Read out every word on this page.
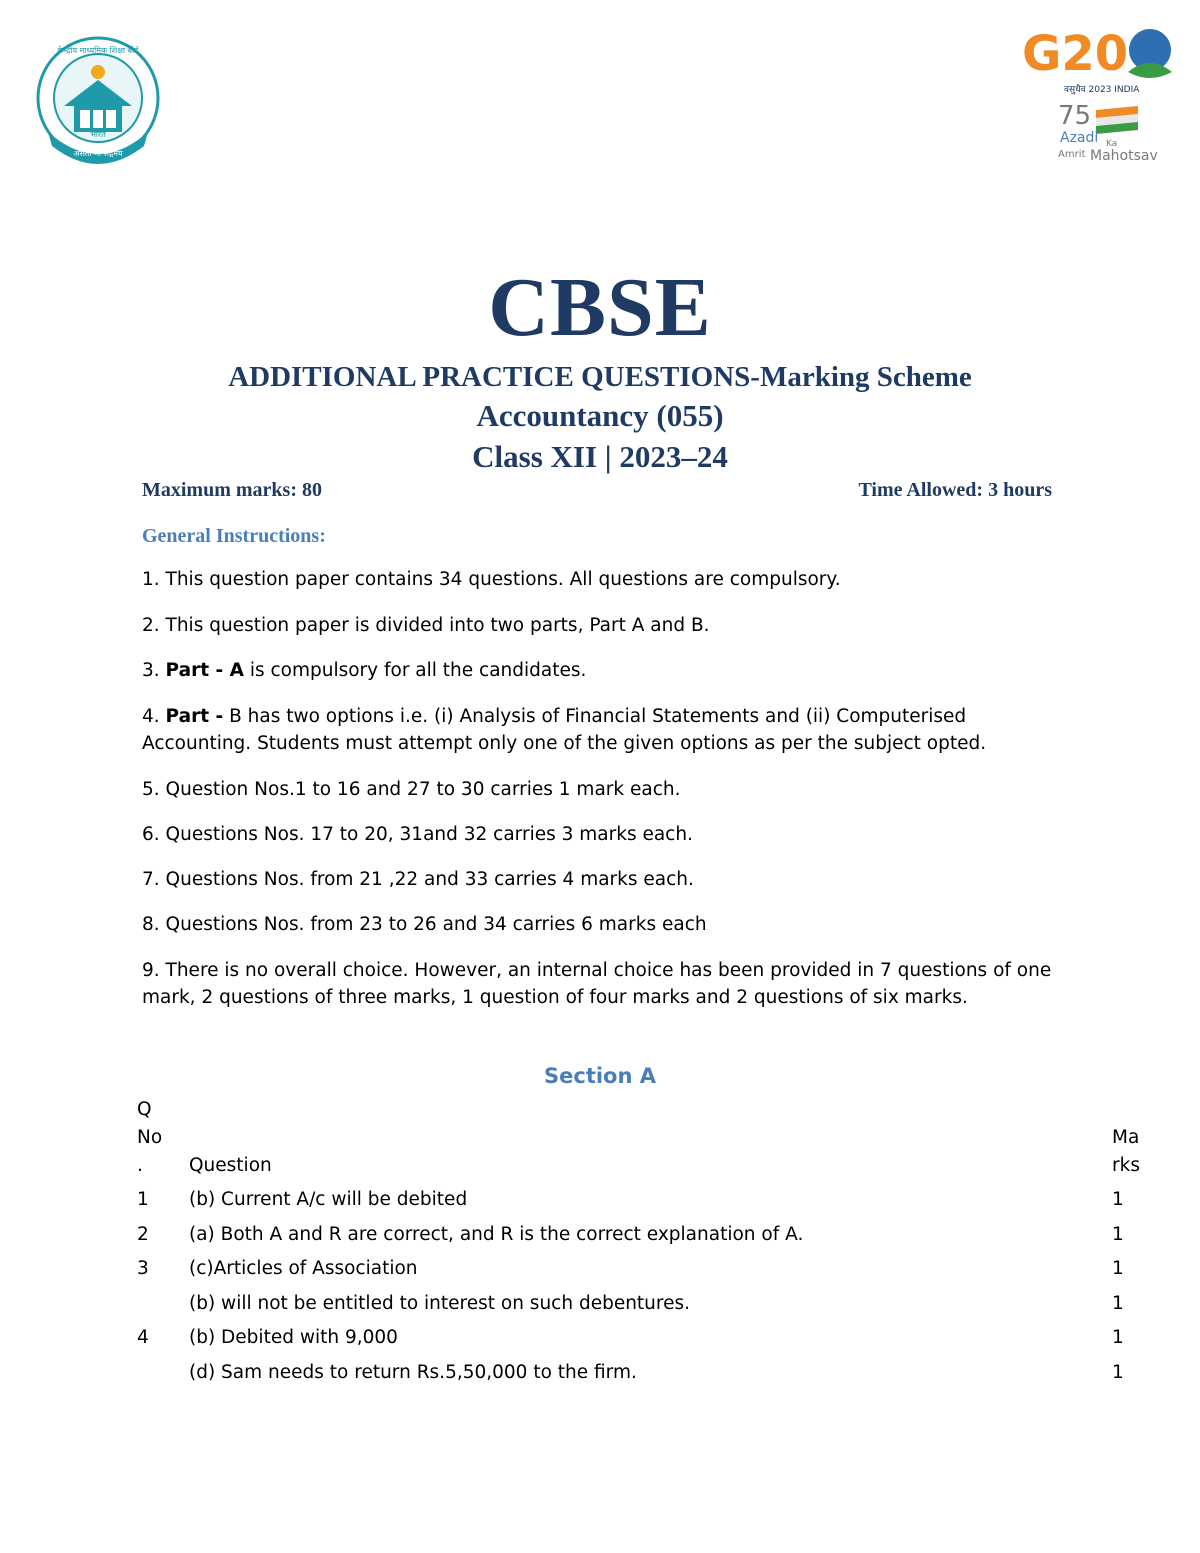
असतो मा सद्गमय
भारत
केन्द्रीय माध्यमिक शिक्षा बोर्ड	G20
वसुधैव 2023 INDIA
75
Azadi Ka
Amrit Mahotsav
CBSE
ADDITIONAL PRACTICE QUESTIONS-Marking Scheme
Accountancy (055)
Class XII | 2023–24
Maximum marks: 80	Time Allowed: 3 hours
General Instructions:
1. This question paper contains 34 questions. All questions are compulsory.
2. This question paper is divided into two parts, Part A and B.
3. Part - A is compulsory for all the candidates.
4. Part - B has two options i.e. (i) Analysis of Financial Statements and (ii) Computerised Accounting. Students must attempt only one of the given options as per the subject opted.
5. Question Nos.1 to 16 and 27 to 30 carries 1 mark each.
6. Questions Nos. 17 to 20, 31and 32 carries 3 marks each.
7. Questions Nos. from 21 ,22 and 33 carries 4 marks each.
8. Questions Nos. from 23 to 26 and 34 carries 6 marks each
9. There is no overall choice. However, an internal choice has been provided in 7 questions of one mark, 2 questions of three marks, 1 question of four marks and 2 questions of six marks.
Section A
Q
No
.	Question
Ma
rks
1 (b) Current A/c will be debited	1
2 (a) Both A and R are correct, and R is the correct explanation of A.	1
3 (c)Articles of Association	1
(b) will not be entitled to interest on such debentures.	1
4 (b) Debited with 9,000	1
(d) Sam needs to return Rs.5,50,000 to the firm.	1
